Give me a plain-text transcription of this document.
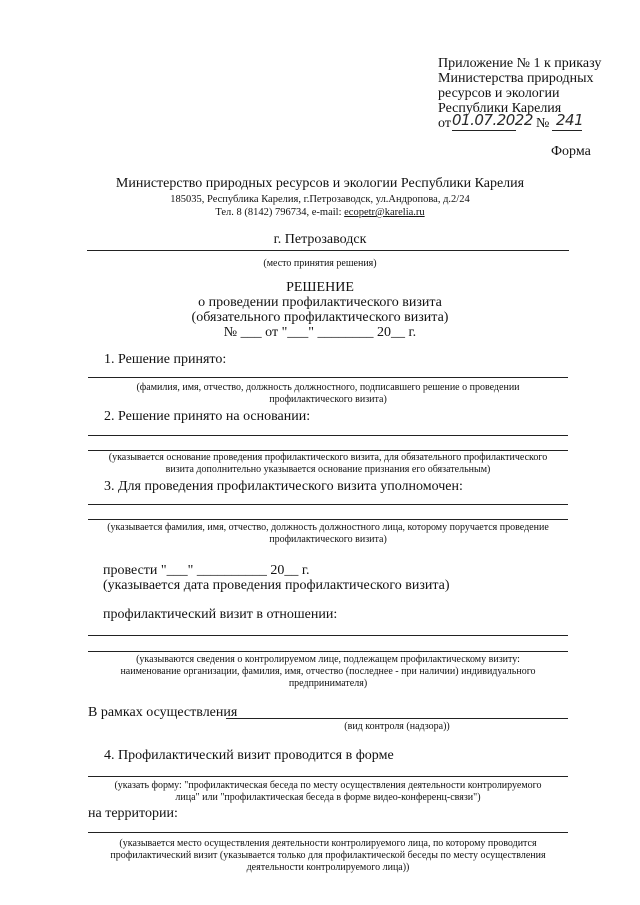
Приложение № 1 к приказу
Министерства природных
ресурсов и экологии
Республики Карелия
от 01.07.2022 № 241
Форма
Министерство природных ресурсов и экологии Республики Карелия
185035, Республика Карелия, г.Петрозаводск, ул.Андропова, д.2/24
Тел. 8 (8142) 796734, e-mail: ecopetr@karelia.ru
г. Петрозаводск
(место принятия решения)
РЕШЕНИЕ
о проведении профилактического визита
(обязательного профилактического визита)
№ ___ от "___" ________ 20__ г.
1. Решение принято:
(фамилия, имя, отчество, должность должностного, подписавшего решение о проведении
профилактического визита)
2. Решение принято на основании:
(указывается основание проведения профилактического визита, для обязательного профилактического
визита дополнительно указывается основание признания его обязательным)
3. Для проведения профилактического визита уполномочен:
(указывается фамилия, имя, отчество, должность должностного лица, которому поручается проведение
профилактического визита)
провести "___" __________ 20__ г.
(указывается дата проведения профилактического визита)
профилактический визит в отношении:
(указываются сведения о контролируемом лице, подлежащем профилактическому визиту:
наименование организации, фамилия, имя, отчество (последнее - при наличии) индивидуального
предпринимателя)
В рамках осуществления
(вид контроля (надзора))
4. Профилактический визит проводится в форме
(указать форму: "профилактическая беседа по месту осуществления деятельности контролируемого
лица" или "профилактическая беседа в форме видео-конференц-связи")
на территории:
(указывается место осуществления деятельности контролируемого лица, по которому проводится
профилактический визит (указывается только для профилактической беседы по месту осуществления
деятельности контролируемого лица))
